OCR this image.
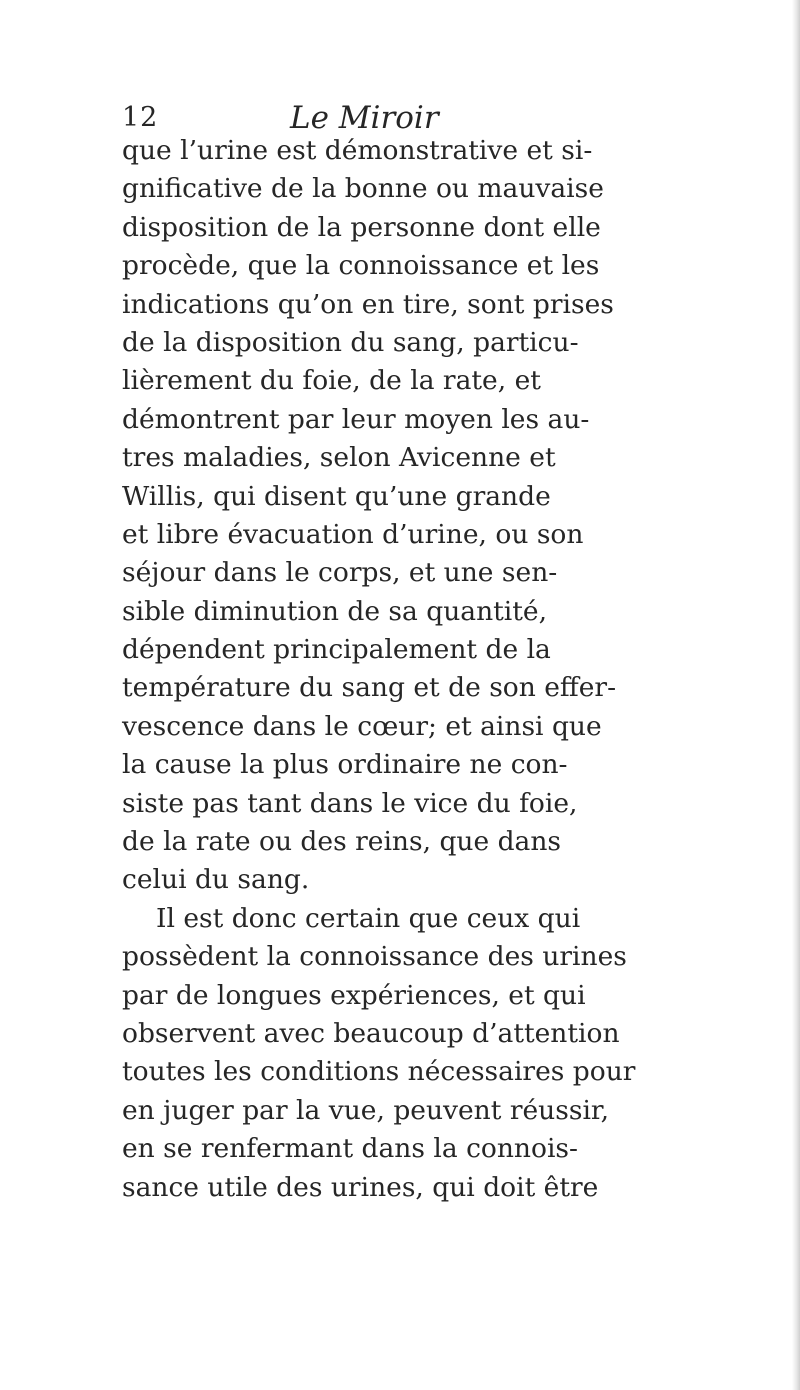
12	Le Miroir
que l’urine est démonstrative et si-
gnificative de la bonne ou mauvaise
disposition de la personne dont elle
procède, que la connoissance et les
indications qu’on en tire, sont prises
de la disposition du sang, particu-
lièrement du foie, de la rate, et
démontrent par leur moyen les au-
tres maladies, selon Avicenne et
Willis, qui disent qu’une grande
et libre évacuation d’urine, ou son
séjour dans le corps, et une sen-
sible diminution de sa quantité,
dépendent principalement de la
température du sang et de son effer-
vescence dans le cœur; et ainsi que
la cause la plus ordinaire ne con-
siste pas tant dans le vice du foie,
de la rate ou des reins, que dans
celui du sang.
Il est donc certain que ceux qui
possèdent la connoissance des urines
par de longues expériences, et qui
observent avec beaucoup d’attention
toutes les conditions nécessaires pour
en juger par la vue, peuvent réussir,
en se renfermant dans la connois-
sance utile des urines, qui doit être
